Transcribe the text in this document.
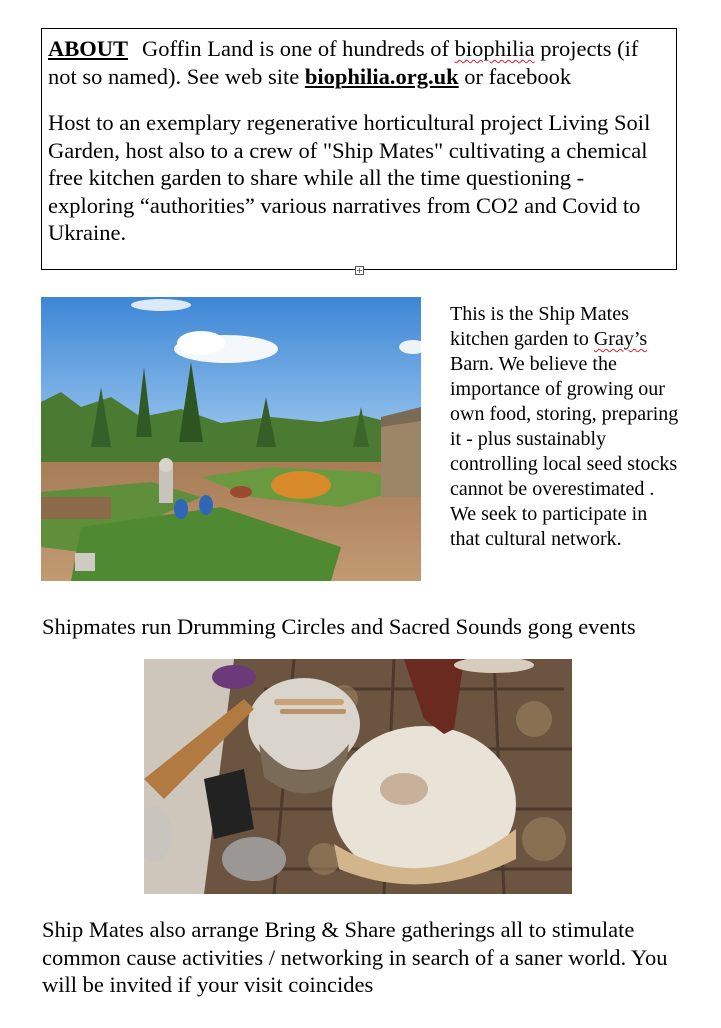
ABOUT Goffin Land is one of hundreds of biophilia projects (if not so named). See web site biophilia.org.uk or facebook

Host to an exemplary regenerative horticultural project Living Soil Garden, host also to a crew of "Ship Mates" cultivating a chemical free kitchen garden to share while all the time questioning - exploring “authorities” various narratives from CO2 and Covid to Ukraine.

+

This is the Ship Mates kitchen garden to Gray’s Barn. We believe the importance of growing our own food, storing, preparing it - plus sustainably controlling local seed stocks cannot be overestimated . We seek to participate in that cultural network.

Shipmates run Drumming Circles and Sacred Sounds gong events

Ship Mates also arrange Bring & Share gatherings all to stimulate common cause activities / networking in search of a saner world. You will be invited if your visit coincides
